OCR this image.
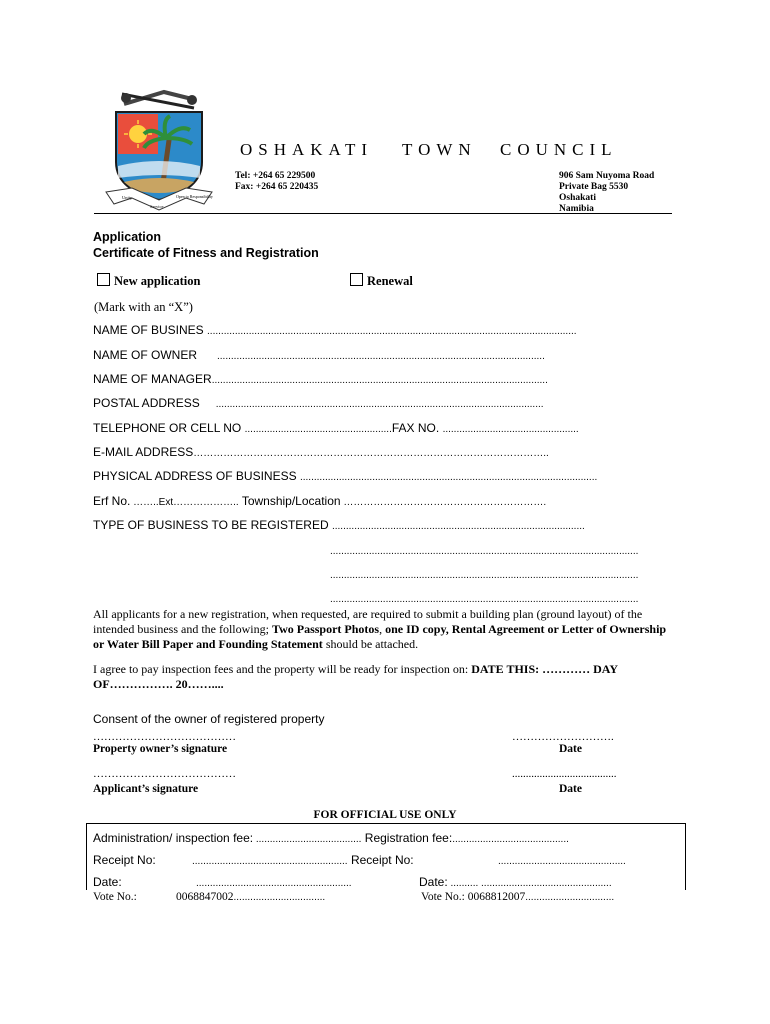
Unity
Service
Open to Responsibility
OSHAKATI TOWN COUNCIL
Tel: +264 65 229500
Fax: +264 65 220435
906 Sam Nuyoma Road
Private Bag 5530
Oshakati
Namibia
Application
Certificate of Fitness and Registration
New application	Renewal
(Mark with an “X”)
NAME OF BUSINES .....................................................................................................................................
NAME OF OWNER ......................................................................................................................
NAME OF MANAGER.........................................................................................................................
POSTAL ADDRESS ......................................................................................................................
TELEPHONE OR CELL NO .....................................................FAX NO. .................................................
E-MAIL ADDRESS……………………………………………………………………………………………..
PHYSICAL ADDRESS OF BUSINESS ...........................................................................................................
Erf No. ……..Ext……………….. Township/Location …………………………………………………….
TYPE OF BUSINESS TO BE REGISTERED ...........................................................................................
...............................................................................................................
...............................................................................................................
...............................................................................................................
All applicants for a new registration, when requested, are required to submit a building plan (ground layout) of the intended business and the following; Two Passport Photos, one ID copy, Rental Agreement or Letter of Ownership or Water Bill Paper and Founding Statement should be attached.
I agree to pay inspection fees and the property will be ready for inspection on: DATE THIS: ………… DAY OF……………. 20……....
Consent of the owner of registered property
…………………………………
Property owner’s signature
……………………….
Date
…………………………………
Applicant’s signature
......................................
Date
FOR OFFICIAL USE ONLY
Administration/ inspection fee: ...................................... Registration fee:..........................................
Receipt No:	........................................................ Receipt No:	..............................................
Date:	........................................................	Date: .......... ...............................................
Vote No.:	0068847002.................................	Vote No.: 0068812007................................
